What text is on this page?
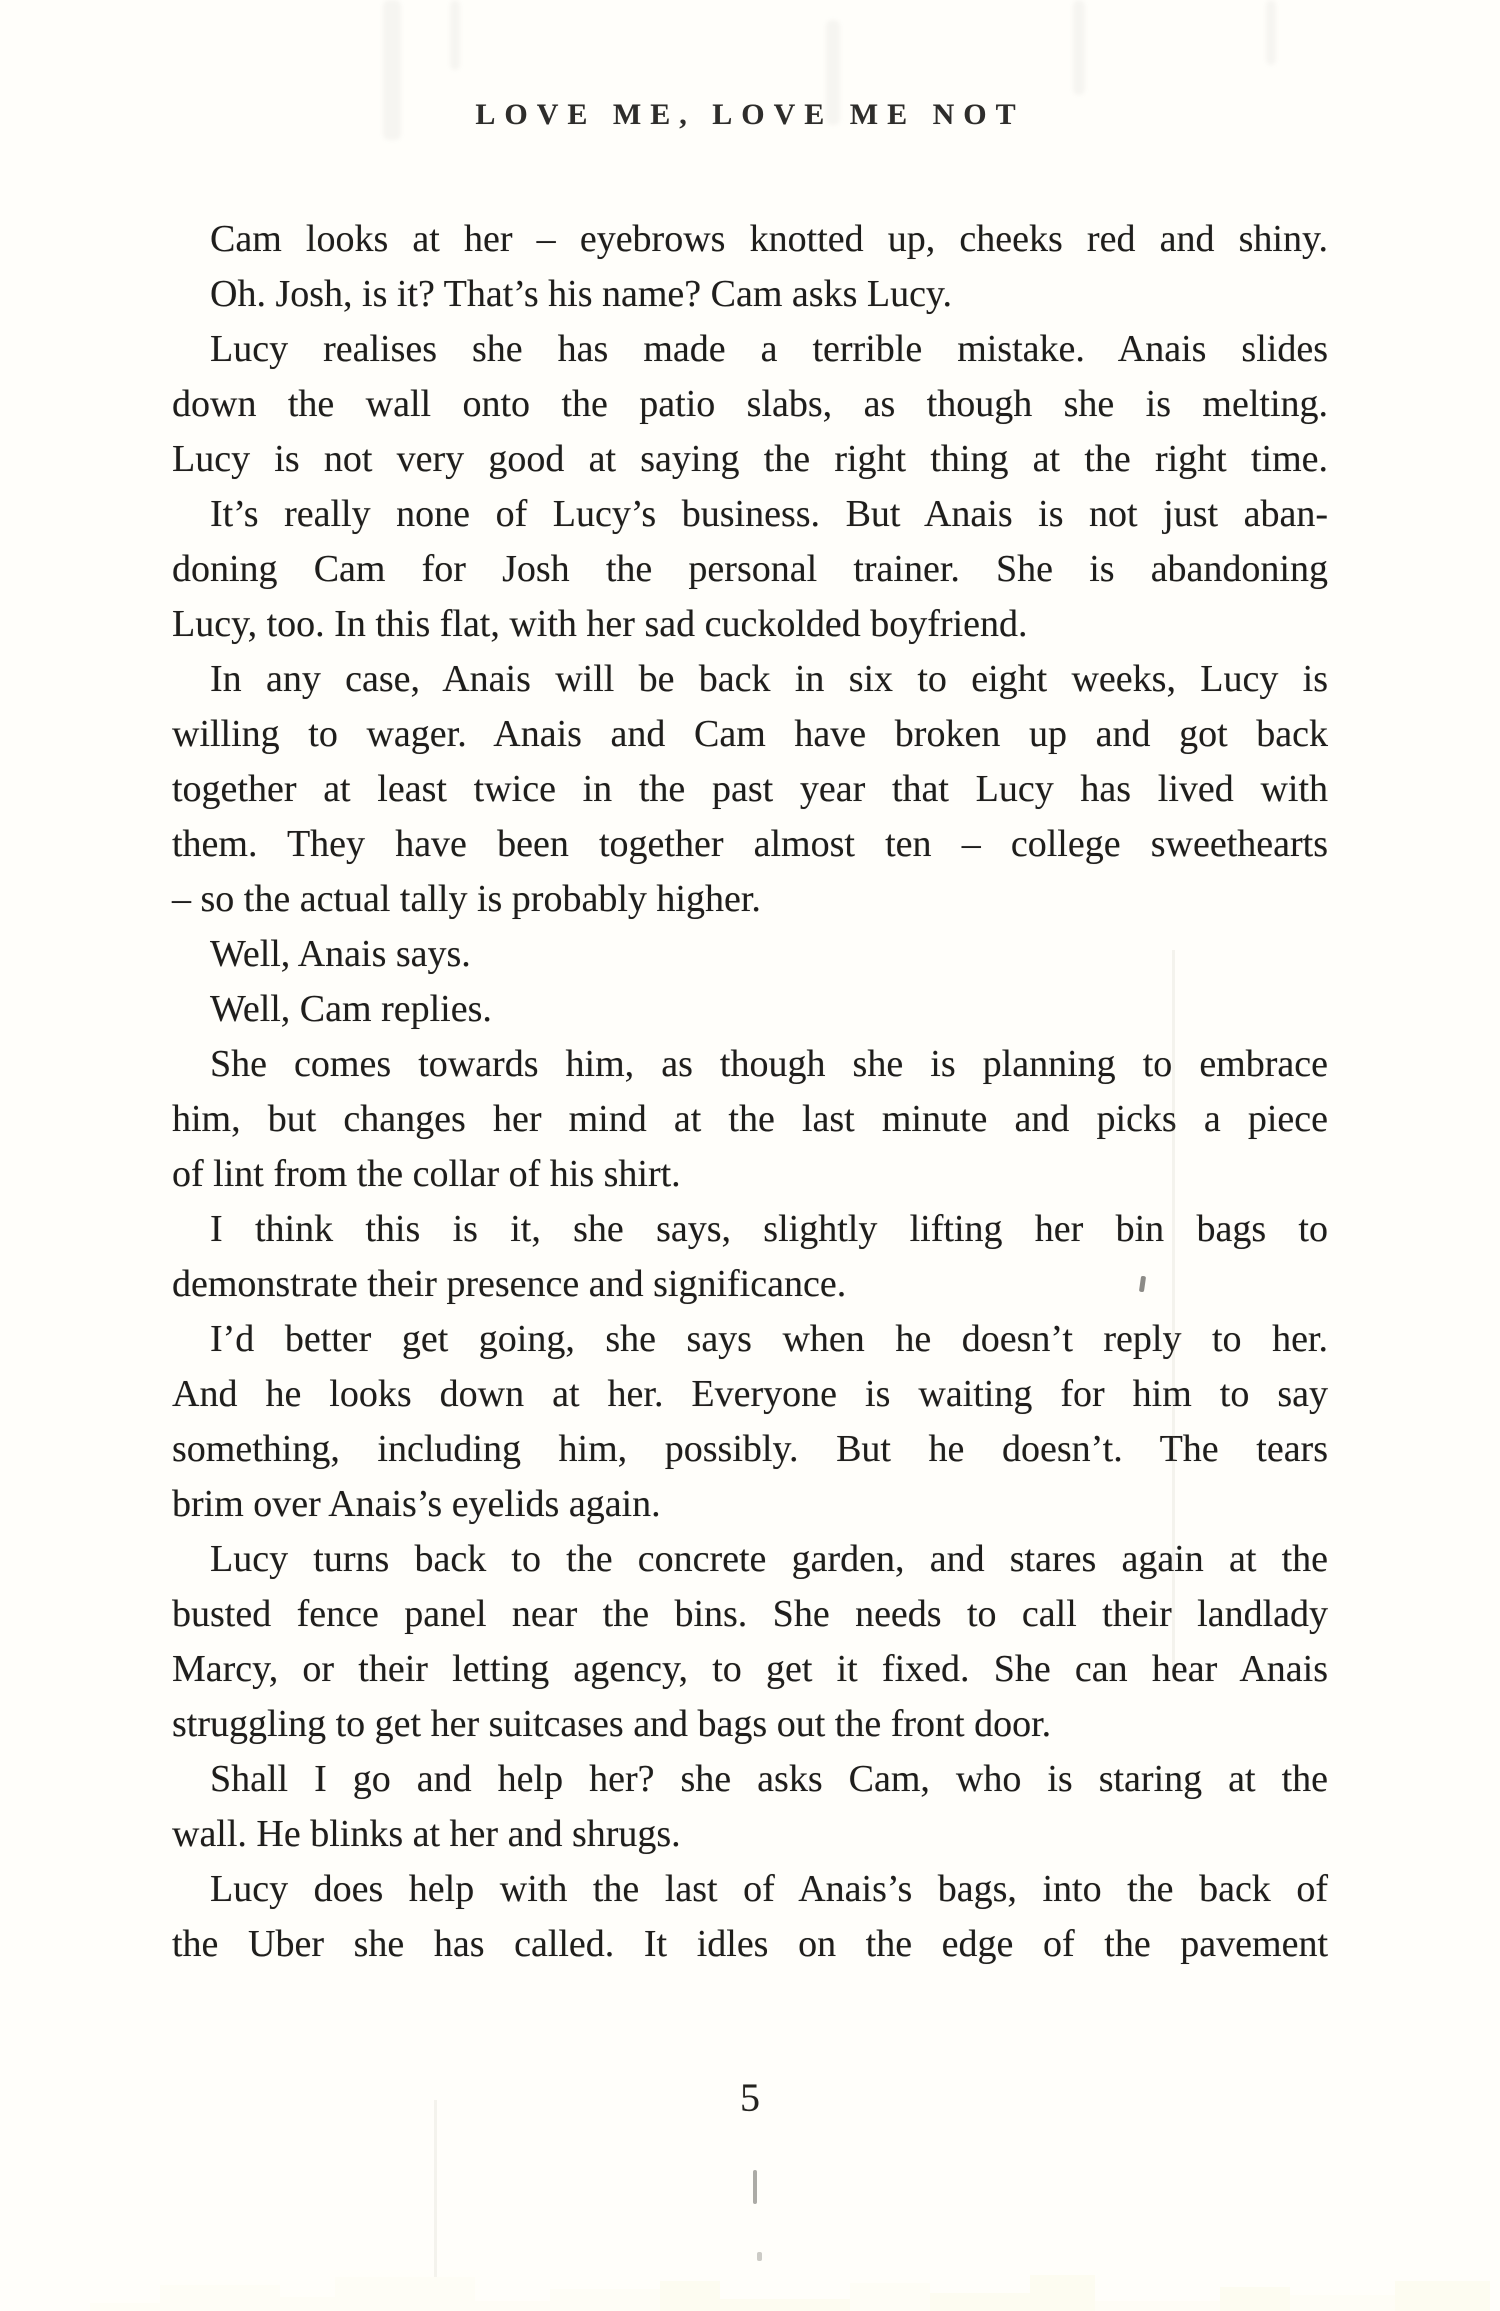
LOVE ME, LOVE ME NOT
Cam looks at her – eyebrows knotted up, cheeks red and shiny.
Oh. Josh, is it? That’s his name? Cam asks Lucy.
Lucy realises she has made a terrible mistake. Anais slides
down the wall onto the patio slabs, as though she is melting.
Lucy is not very good at saying the right thing at the right time.
It’s really none of Lucy’s business. But Anais is not just aban-
doning Cam for Josh the personal trainer. She is abandoning
Lucy, too. In this flat, with her sad cuckolded boyfriend.
In any case, Anais will be back in six to eight weeks, Lucy is
willing to wager. Anais and Cam have broken up and got back
together at least twice in the past year that Lucy has lived with
them. They have been together almost ten – college sweethearts
– so the actual tally is probably higher.
Well, Anais says.
Well, Cam replies.
She comes towards him, as though she is planning to embrace
him, but changes her mind at the last minute and picks a piece
of lint from the collar of his shirt.
I think this is it, she says, slightly lifting her bin bags to
demonstrate their presence and significance.
I’d better get going, she says when he doesn’t reply to her.
And he looks down at her. Everyone is waiting for him to say
something, including him, possibly. But he doesn’t. The tears
brim over Anais’s eyelids again.
Lucy turns back to the concrete garden, and stares again at the
busted fence panel near the bins. She needs to call their landlady
Marcy, or their letting agency, to get it fixed. She can hear Anais
struggling to get her suitcases and bags out the front door.
Shall I go and help her? she asks Cam, who is staring at the
wall. He blinks at her and shrugs.
Lucy does help with the last of Anais’s bags, into the back of
the Uber she has called. It idles on the edge of the pavement
5
